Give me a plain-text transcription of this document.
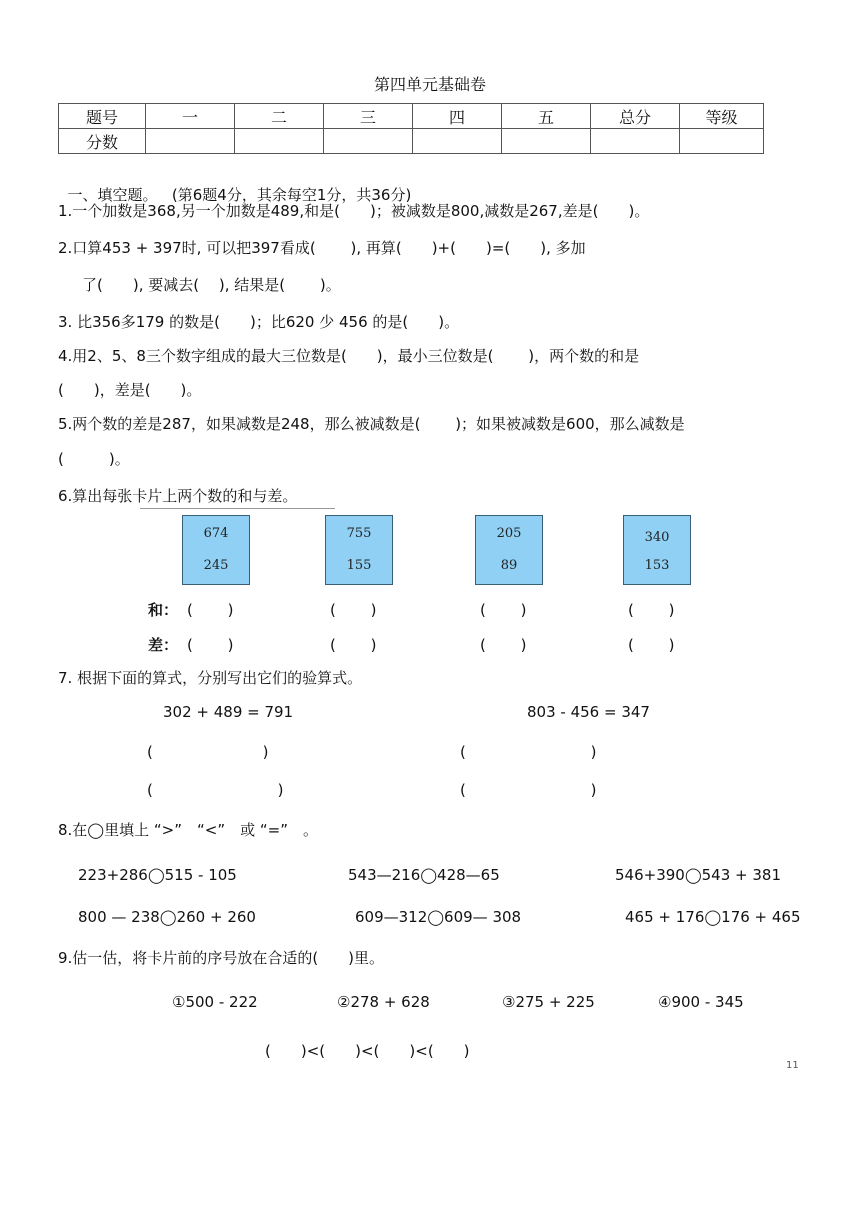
第四单元基础卷
题号	一	二	三	四	五	总分	等级
分数							

一、填空题。 (第6题4分，其余每空1分，共36分)

1.一个加数是368,另一个加数是489,和是(　　)；被减数是800,减数是267,差是(　　)。
2.口算453 + 397时, 可以把397看成(　　 ), 再算(　　)+(　　)=(　　), 多加
了(　　), 要减去(　 ), 结果是(　　 )。
3. 比356多179 的数是(　　)；比620 少 456 的是(　　)。
4.用2、5、8三个数字组成的最大三位数是(　　)，最小三位数是(　　 )，两个数的和是
(　　)，差是(　　)。
5.两个数的差是287，如果减数是248，那么被减数是(　　 )；如果被减数是600，那么减数是
(　　　)。
6.算出每张卡片上两个数的和与差。
674
245
755
155
205
89
340
153
和： (　　 )	(　　 )	(　　 )	(　　 )
差： (　　 )	(　　 )	(　　 )	(　　 )
7. 根据下面的算式，分别写出它们的验算式。
302 + 489 = 791	803 - 456 = 347
(　　　　　　　 )	(　　　　　　　　 )
(　　　　　　　　 )	(　　　　　　　　 )
8.在◯里填上 “>”　“<”　或 “=”　。
223+286◯515 - 105	543—216◯428—65	546+390◯543 + 381
800 — 238◯260 + 260	609—312◯609— 308	465 + 176◯176 + 465
9.估一估，将卡片前的序号放在合适的(　　)里。
①500 - 222	②278 + 628	③275 + 225	④900 - 345
(　　)<(　　)<(　　)<(　　)
11
